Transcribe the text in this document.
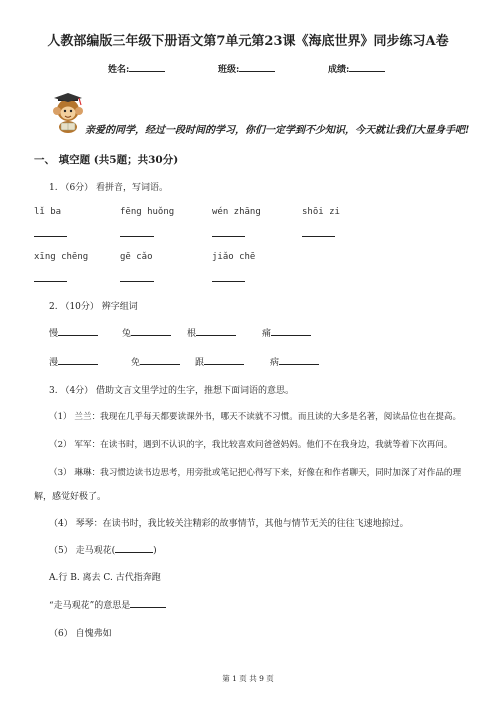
人教部编版三年级下册语文第7单元第23课《海底世界》同步练习A卷
姓名:	班级:	成绩:
亲爱的同学，经过一段时间的学习，你们一定学到不少知识，今天就让我们大显身手吧!
一、 填空题 (共5题；共30分)
1. （6分） 看拼音，写词语。
lǐ ba	fēng huǒng	wén zhāng	shōi zi
xīng chēng	gē cǎo	jiǎo chē
2. （10分） 辨字组词
慢	兔	根	痛
漫	免	跟	病
3. （4分） 借助文言文里学过的生字，推想下面词语的意思。
（1） 兰兰：我现在几乎每天都要读课外书，哪天不读就不习惯。而且读的大多是名著，阅读品位也在提高。
（2） 军军：在读书时，遇到不认识的字，我比较喜欢问爸爸妈妈。他们不在我身边，我就等着下次再问。
（3） 琳琳：我习惯边读书边思考，用旁批或笔记把心得写下来，好像在和作者聊天，同时加深了对作品的理
解，感觉好极了。
（4） 琴琴：在读书时，我比较关注精彩的故事情节，其他与情节无关的往往飞速地掠过。
（5） 走马观花(	)
A.行 B. 离去 C. 古代指奔跑
“走马观花”的意思是
（6） 自愧弗如
第 1 页 共 9 页
